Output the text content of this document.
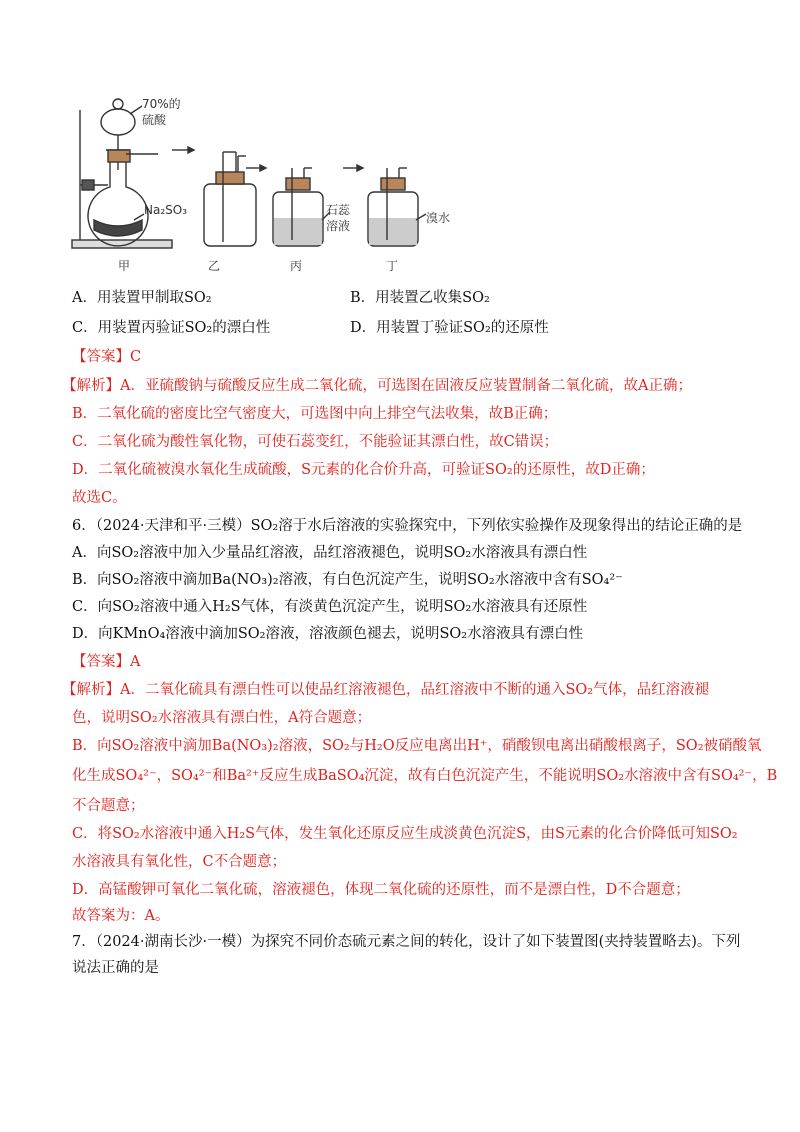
70%的
硫酸
Na₂SO₃	石蕊
溶液
溴水
甲	乙	丙	丁
A．用装置甲制取SO₂	B．用装置乙收集SO₂
C．用装置丙验证SO₂的漂白性	D．用装置丁验证SO₂的还原性
【答案】C
【解析】A．亚硫酸钠与硫酸反应生成二氧化硫，可选图在固液反应装置制备二氧化硫，故A正确；
B．二氧化硫的密度比空气密度大，可选图中向上排空气法收集，故B正确；
C．二氧化硫为酸性氧化物，可使石蕊变红，不能验证其漂白性，故C错误；
D．二氧化硫被溴水氧化生成硫酸，S元素的化合价升高，可验证SO₂的还原性，故D正确；
故选C。
6．（2024·天津和平·三模）SO₂溶于水后溶液的实验探究中，下列依实验操作及现象得出的结论正确的是
A．向SO₂溶液中加入少量品红溶液，品红溶液褪色，说明SO₂水溶液具有漂白性
B．向SO₂溶液中滴加Ba(NO₃)₂溶液，有白色沉淀产生，说明SO₂水溶液中含有SO₄²⁻
C．向SO₂溶液中通入H₂S气体，有淡黄色沉淀产生，说明SO₂水溶液具有还原性
D．向KMnO₄溶液中滴加SO₂溶液，溶液颜色褪去，说明SO₂水溶液具有漂白性
【答案】A
【解析】A．二氧化硫具有漂白性可以使品红溶液褪色，品红溶液中不断的通入SO₂气体，品红溶液褪
色，说明SO₂水溶液具有漂白性，A符合题意；
B．向SO₂溶液中滴加Ba(NO₃)₂溶液，SO₂与H₂O反应电离出H⁺，硝酸钡电离出硝酸根离子，SO₂被硝酸氧
化生成SO₄²⁻，SO₄²⁻和Ba²⁺反应生成BaSO₄沉淀，故有白色沉淀产生，不能说明SO₂水溶液中含有SO₄²⁻，B
不合题意；
C．将SO₂水溶液中通入H₂S气体，发生氧化还原反应生成淡黄色沉淀S，由S元素的化合价降低可知SO₂
水溶液具有氧化性，C不合题意；
D．高锰酸钾可氧化二氧化硫，溶液褪色，体现二氧化硫的还原性，而不是漂白性，D不合题意；
故答案为：A。
7．（2024·湖南长沙·一模）为探究不同价态硫元素之间的转化，设计了如下装置图(夹持装置略去)。下列
说法正确的是
